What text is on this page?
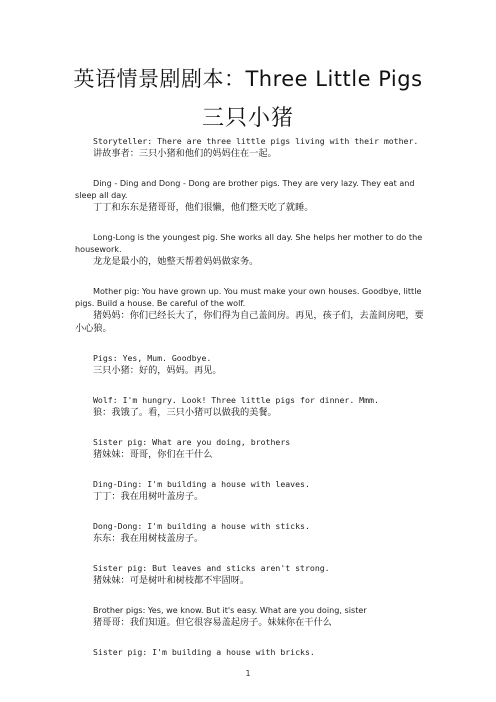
英语情景剧剧本：Three Little Pigs
三只小猪

Storyteller: There are three little pigs living with their mother.

讲故事者：三只小猪和他们的妈妈住在一起。

Ding - Ding and Dong - Dong are brother pigs. They are very lazy. They eat and sleep all day.

丁丁和东东是猪哥哥，他们很懒，他们整天吃了就睡。

Long-Long is the youngest pig. She works all day. She helps her mother to do the housework.

龙龙是最小的，她整天帮着妈妈做家务。

Mother pig: You have grown up. You must make your own houses. Goodbye, little pigs. Build a house. Be careful of the wolf.

猪妈妈：你们已经长大了，你们得为自己盖间房。再见，孩子们，去盖间房吧，要小心狼。

Pigs: Yes, Mum. Goodbye.

三只小猪：好的，妈妈。再见。

Wolf: I'm hungry. Look! Three little pigs for dinner. Mmm.

狼：我饿了。看，三只小猪可以做我的美餐。

Sister pig: What are you doing, brothers

猪妹妹：哥哥，你们在干什么

Ding-Ding: I'm building a house with leaves.

丁丁：我在用树叶盖房子。

Dong-Dong: I'm building a house with sticks.

东东：我在用树枝盖房子。

Sister pig: But leaves and sticks aren't strong.

猪妹妹：可是树叶和树枝都不牢固呀。

Brother pigs: Yes, we know. But it's easy. What are you doing, sister

猪哥哥：我们知道。但它很容易盖起房子。妹妹你在干什么

Sister pig: I'm building a house with bricks.

1
